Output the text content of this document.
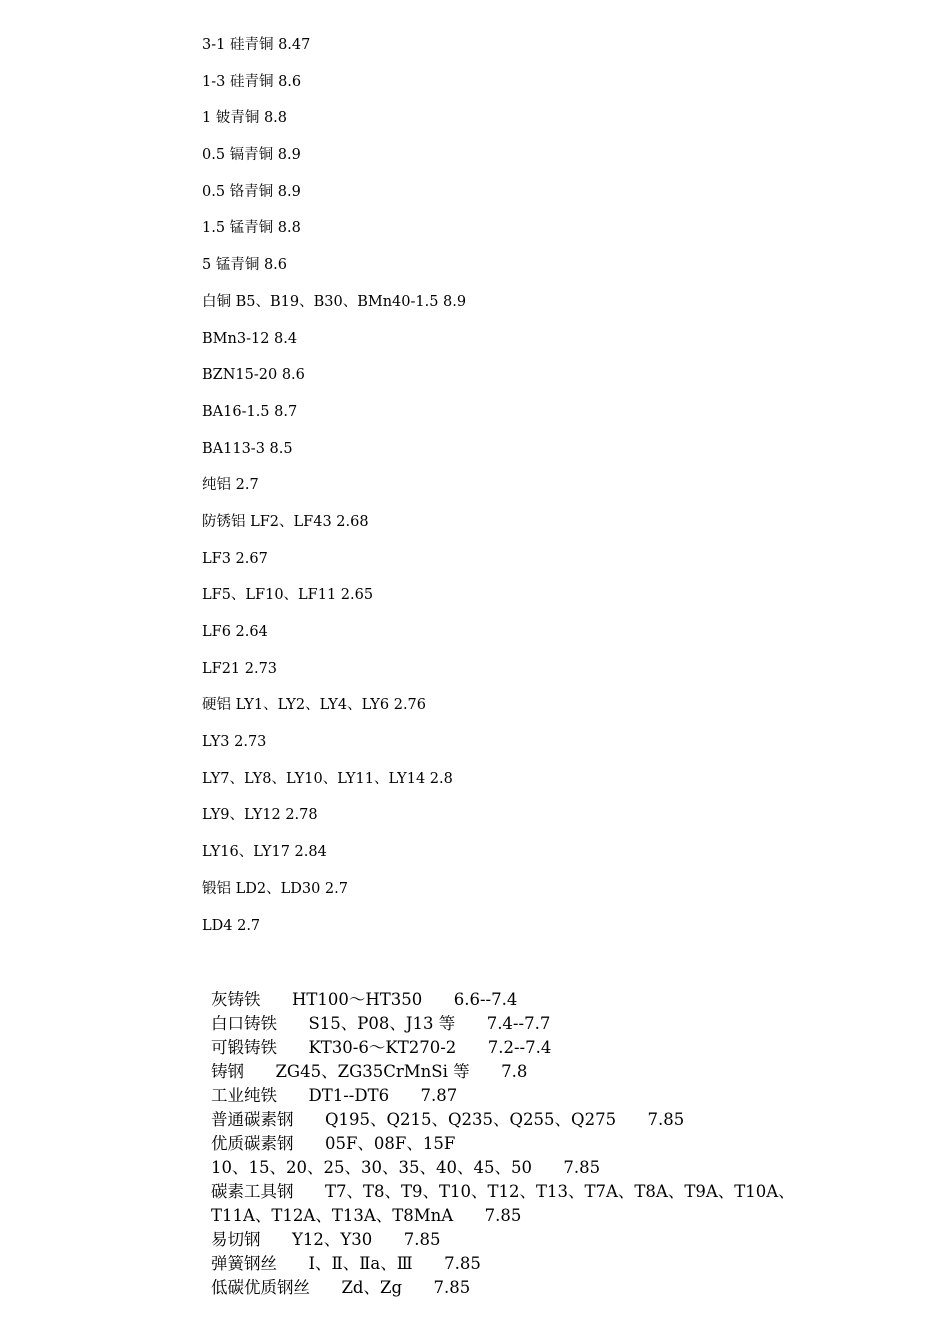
3-1 硅青铜 8.47
1-3 硅青铜 8.6
1 铍青铜 8.8
0.5 镉青铜 8.9
0.5 铬青铜 8.9
1.5 锰青铜 8.8
5 锰青铜 8.6
白铜 B5、B19、B30、BMn40-1.5 8.9
BMn3-12 8.4
BZN15-20 8.6
BA16-1.5 8.7
BA113-3 8.5
纯铝 2.7
防锈铝 LF2、LF43 2.68
LF3 2.67
LF5、LF10、LF11 2.65
LF6 2.64
LF21 2.73
硬铝 LY1、LY2、LY4、LY6 2.76
LY3 2.73
LY7、LY8、LY10、LY11、LY14 2.8
LY9、LY12 2.78
LY16、LY17 2.84
锻铝 LD2、LD30 2.7
LD4 2.7
灰铸铁      HT100～HT350      6.6--7.4
白口铸铁      S15、P08、J13 等      7.4--7.7
可锻铸铁      KT30-6～KT270-2      7.2--7.4
铸钢      ZG45、ZG35CrMnSi 等      7.8
工业纯铁      DT1--DT6      7.87
普通碳素钢      Q195、Q215、Q235、Q255、Q275      7.85
优质碳素钢      05F、08F、15F
10、15、20、25、30、35、40、45、50      7.85
碳素工具钢      T7、T8、T9、T10、T12、T13、T7A、T8A、T9A、T10A、
T11A、T12A、T13A、T8MnA      7.85
易切钢      Y12、Y30      7.85
弹簧钢丝      Ⅰ、Ⅱ、Ⅱa、Ⅲ      7.85
低碳优质钢丝      Zd、Zg      7.85
